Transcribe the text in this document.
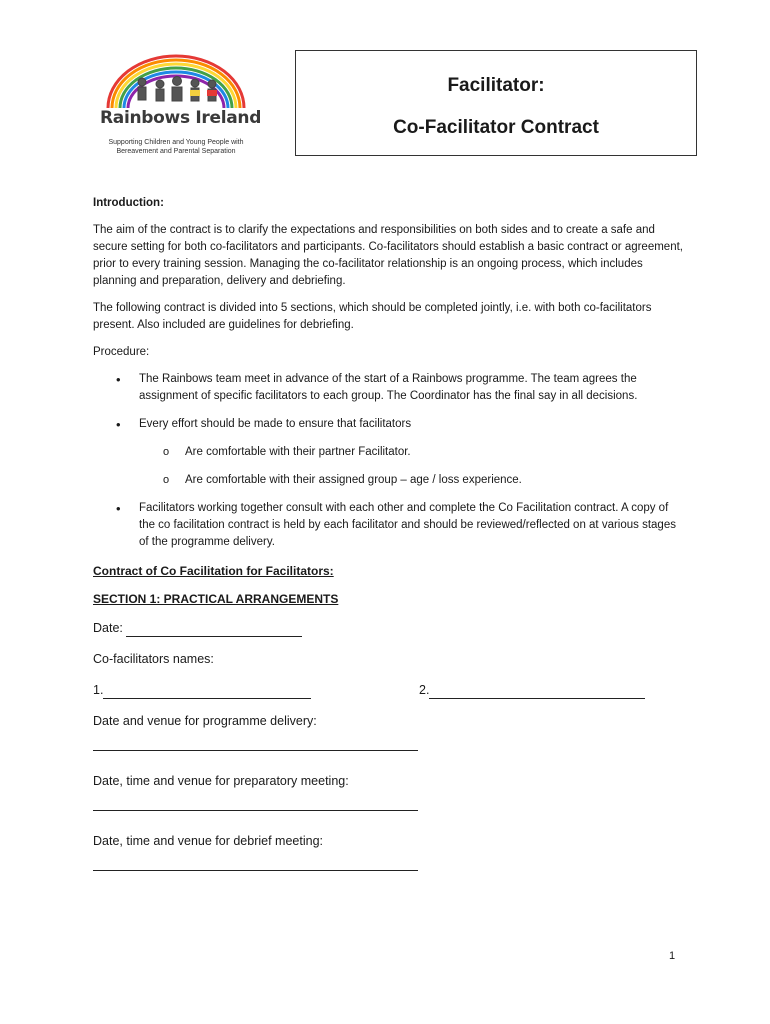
Rainbows Ireland
Supporting Children and Young People with
Bereavement and Parental Separation
Facilitator:
Co-Facilitator Contract
Introduction:

The aim of the contract is to clarify the expectations and responsibilities on both sides and to create a safe and secure setting for both co-facilitators and participants. Co-facilitators should establish a basic contract or agreement, prior to every training session. Managing the co-facilitator relationship is an ongoing process, which includes planning and preparation, delivery and debriefing.

The following contract is divided into 5 sections, which should be completed jointly, i.e. with both co-facilitators present. Also included are guidelines for debriefing.

Procedure:

• The Rainbows team meet in advance of the start of a Rainbows programme. The team agrees the assignment of specific facilitators to each group. The Coordinator has the final say in all decisions.
• Every effort should be made to ensure that facilitators
o Are comfortable with their partner Facilitator.
o Are comfortable with their assigned group – age / loss experience.
• Facilitators working together consult with each other and complete the Co Facilitation contract. A copy of the co facilitation contract is held by each facilitator and should be reviewed/reflected on at various stages of the programme delivery.
Contract of Co Facilitation for Facilitators:
SECTION 1: PRACTICAL ARRANGEMENTS
Date:
Co-facilitators names:
1.	2.
Date and venue for programme delivery:
Date, time and venue for preparatory meeting:
Date, time and venue for debrief meeting:
1
